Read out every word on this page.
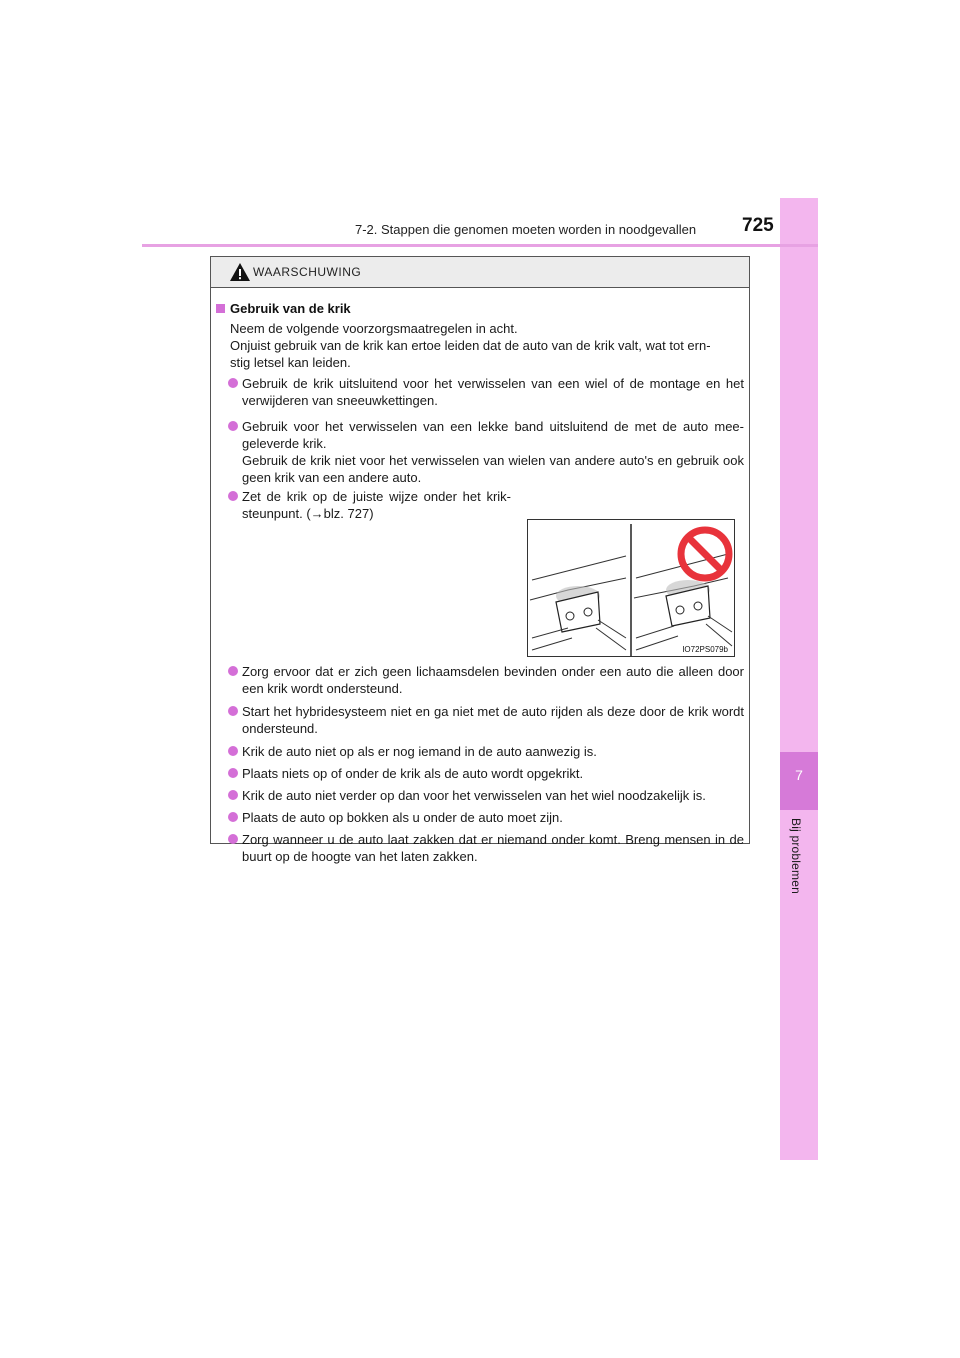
7
Bij problemen
7-2. Stappen die genomen moeten worden in noodgevallen 725
WAARSCHUWING
Gebruik van de krik
Neem de volgende voorzorgsmaatregelen in acht.
Onjuist gebruik van de krik kan ertoe leiden dat de auto van de krik valt, wat tot ern-
stig letsel kan leiden.
Gebruik de krik uitsluitend voor het verwisselen van een wiel of de montage en het verwijderen van sneeuwkettingen.
Gebruik voor het verwisselen van een lekke band uitsluitend de met de auto mee-geleverde krik.
Gebruik de krik niet voor het verwisselen van wielen van andere auto's en gebruik ook geen krik van een andere auto.
Zet de krik op de juiste wijze onder het krik-steunpunt. (→blz. 727)
IO72PS079b
Zorg ervoor dat er zich geen lichaamsdelen bevinden onder een auto die alleen door een krik wordt ondersteund.
Start het hybridesysteem niet en ga niet met de auto rijden als deze door de krik wordt ondersteund.
Krik de auto niet op als er nog iemand in de auto aanwezig is.
Plaats niets op of onder de krik als de auto wordt opgekrikt.
Krik de auto niet verder op dan voor het verwisselen van het wiel noodzakelijk is.
Plaats de auto op bokken als u onder de auto moet zijn.
Zorg wanneer u de auto laat zakken dat er niemand onder komt. Breng mensen in de buurt op de hoogte van het laten zakken.
